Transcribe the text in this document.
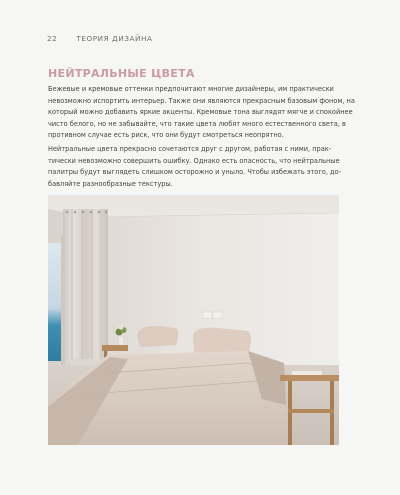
22	ТЕОРИЯ ДИЗАЙНА
НЕЙТРАЛЬНЫЕ ЦВЕТА

Бежевые и кремовые оттенки предпочитают многие дизайнеры, им практически невозможно испортить интерьер. Также они являются прекрасным базовым фоном, на который можно добавить яркие акценты. Кремовые тона выглядят мягче и спокойнее чисто белого, но не забывайте, что такие цвета любят много естественного света, в противном случае есть риск, что они будут смотреться неопрятно.

Нейтральные цвета прекрасно сочетаются друг с другом, работая с ними, практически невозможно совершить ошибку. Однако есть опасность, что нейтральные палитры будут выглядеть слишком осторожно и уныло. Чтобы избежать этого, добавляйте разнообразные текстуры.
